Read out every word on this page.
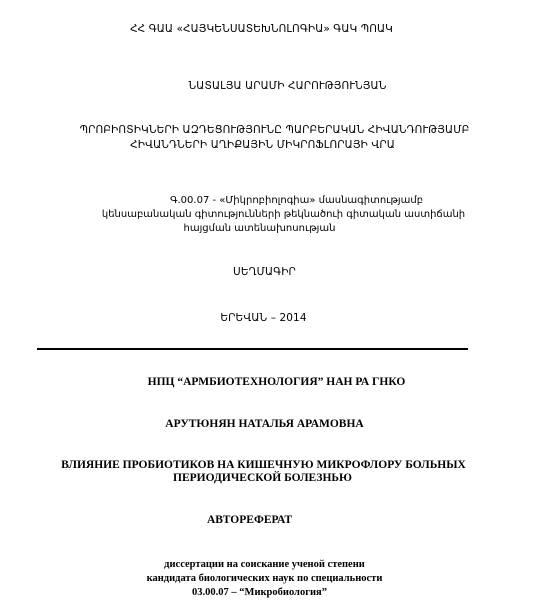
ՀՀ ԳԱԱ «ՀԱՅԿԵՆՍԱՏԵԽՆՈԼՈԳԻԱ» ԳԱԿ ՊՈԱԿ
ՆԱՏԱԼՅԱ ԱՐԱՄԻ ՀԱՐՈՒԹՅՈՒՆՅԱՆ
ՊՐՈԲԻՈՏԻԿՆԵՐԻ ԱԶԴԵՑՈՒԹՅՈՒՆԸ ՊԱՐԲԵՐԱԿԱՆ ՀԻՎԱՆԴՈՒԹՅԱՄԲ
ՀԻՎԱՆԴՆԵՐԻ ԱՂԻՔԱՅԻՆ ՄԻԿՐՈՖԼՈՐԱՅԻ ՎՐԱ
Գ.00.07 - «Միկրոբիոլոգիա» մասնագիտությամբ
կենսաբանական գիտությունների թեկնածուի գիտական աստիճանի
հայցման ատենախոսության
ՍԵՂՄԱԳԻՐ
ԵՐԵՎԱՆ – 2014
НПЦ “АРМБИОТЕХНОЛОГИЯ” НАН РА ГНКО
АРУТЮНЯН НАТАЛЬЯ АРАМОВНА
ВЛИЯНИЕ ПРОБИОТИКОВ НА КИШЕЧНУЮ МИКРОФЛОРУ БОЛЬНЫХ
ПЕРИОДИЧЕСКОЙ БОЛЕЗНЬЮ
АВТОРЕФЕРАТ
диссертации на соискание ученой степени
кандидата биологических наук по специальности
03.00.07 – “Микробиология”
